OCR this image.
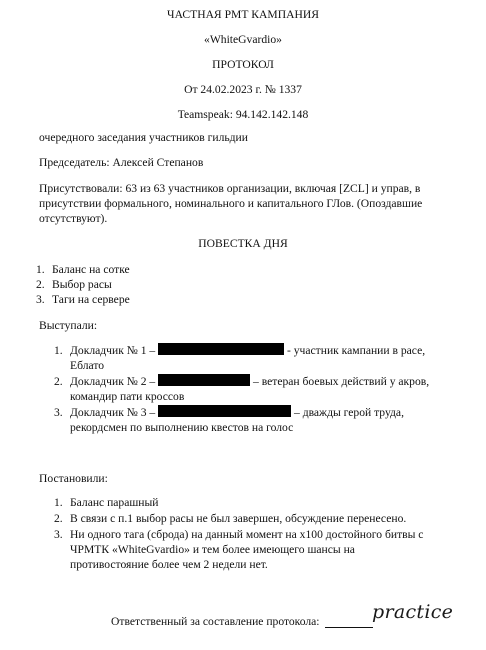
ЧАСТНАЯ РМТ КАМПАНИЯ
«WhiteGvardio»
ПРОТОКОЛ
От 24.02.2023 г. № 1337
Teamspeak: 94.142.142.148
очередного заседания участников гильдии
Председатель: Алексей Степанов
Присутствовали: 63 из 63 участников организации, включая [ZCL] и управ, в
присутствии формального, номинального и капитального ГЛов. (Опоздавшие
отсутствуют).
ПОВЕСТКА ДНЯ
1. Баланс на сотке
2. Выбор расы
3. Таги на сервере
Выступали:
1. Докладчик № 1 –	- участник кампании в расе,
Еблато
2. Докладчик № 2 –	– ветеран боевых действий у акров,
командир пати кроссов
3. Докладчик № 3 –	– дважды герой труда,
рекордсмен по выполнению квестов на голос
Постановили:
1. Баланс парашный
2. В связи с п.1 выбор расы не был завершен, обсуждение перенесено.
3. Ни одного тага (сброда) на данный момент на х100 достойного битвы с
ЧРМТК «WhiteGvardio» и тем более имеющего шансы на
противостояние более чем 2 недели нет.
Ответственный за составление протокола:	practice
